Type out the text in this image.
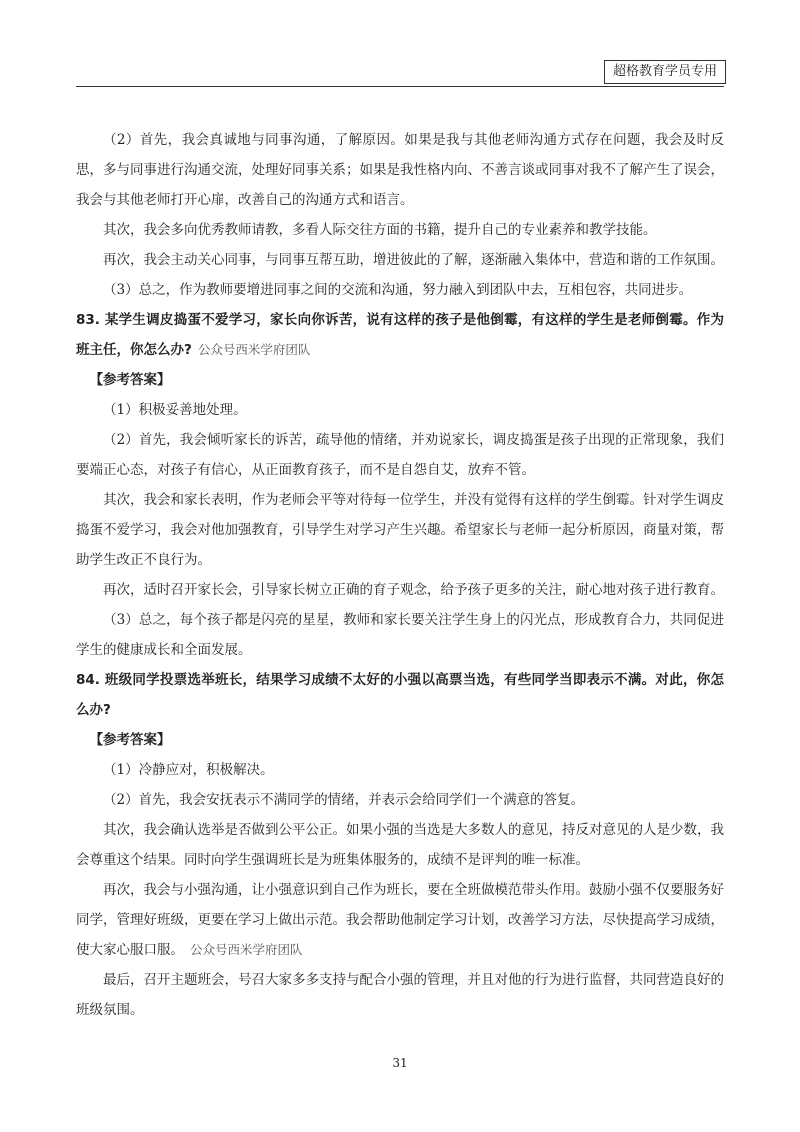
超格教育学员专用

（2）首先，我会真诚地与同事沟通，了解原因。如果是我与其他老师沟通方式存在问题，我会及时反思，多与同事进行沟通交流，处理好同事关系；如果是我性格内向、不善言谈或同事对我不了解产生了误会，我会与其他老师打开心扉，改善自己的沟通方式和语言。

其次，我会多向优秀教师请教，多看人际交往方面的书籍，提升自己的专业素养和教学技能。

再次，我会主动关心同事，与同事互帮互助，增进彼此的了解，逐渐融入集体中，营造和谐的工作氛围。

（3）总之，作为教师要增进同事之间的交流和沟通，努力融入到团队中去，互相包容，共同进步。

83. 某学生调皮捣蛋不爱学习，家长向你诉苦，说有这样的孩子是他倒霉，有这样的学生是老师倒霉。作为班主任，你怎么办? 公众号西米学府团队

【参考答案】

（1）积极妥善地处理。

（2）首先，我会倾听家长的诉苦，疏导他的情绪，并劝说家长，调皮捣蛋是孩子出现的正常现象，我们要端正心态，对孩子有信心，从正面教育孩子，而不是自怨自艾，放弃不管。

其次，我会和家长表明，作为老师会平等对待每一位学生，并没有觉得有这样的学生倒霉。针对学生调皮捣蛋不爱学习，我会对他加强教育，引导学生对学习产生兴趣。希望家长与老师一起分析原因，商量对策，帮助学生改正不良行为。

再次，适时召开家长会，引导家长树立正确的育子观念，给予孩子更多的关注，耐心地对孩子进行教育。

（3）总之，每个孩子都是闪亮的星星，教师和家长要关注学生身上的闪光点，形成教育合力，共同促进学生的健康成长和全面发展。

84. 班级同学投票选举班长，结果学习成绩不太好的小强以高票当选，有些同学当即表示不满。对此，你怎么办?

【参考答案】

（1）冷静应对，积极解决。

（2）首先，我会安抚表示不满同学的情绪，并表示会给同学们一个满意的答复。

其次，我会确认选举是否做到公平公正。如果小强的当选是大多数人的意见，持反对意见的人是少数，我会尊重这个结果。同时向学生强调班长是为班集体服务的，成绩不是评判的唯一标准。

再次，我会与小强沟通，让小强意识到自己作为班长，要在全班做模范带头作用。鼓励小强不仅要服务好同学，管理好班级，更要在学习上做出示范。我会帮助他制定学习计划，改善学习方法，尽快提高学习成绩，使大家心服口服。 公众号西米学府团队

最后，召开主题班会，号召大家多多支持与配合小强的管理，并且对他的行为进行监督，共同营造良好的班级氛围。

31
